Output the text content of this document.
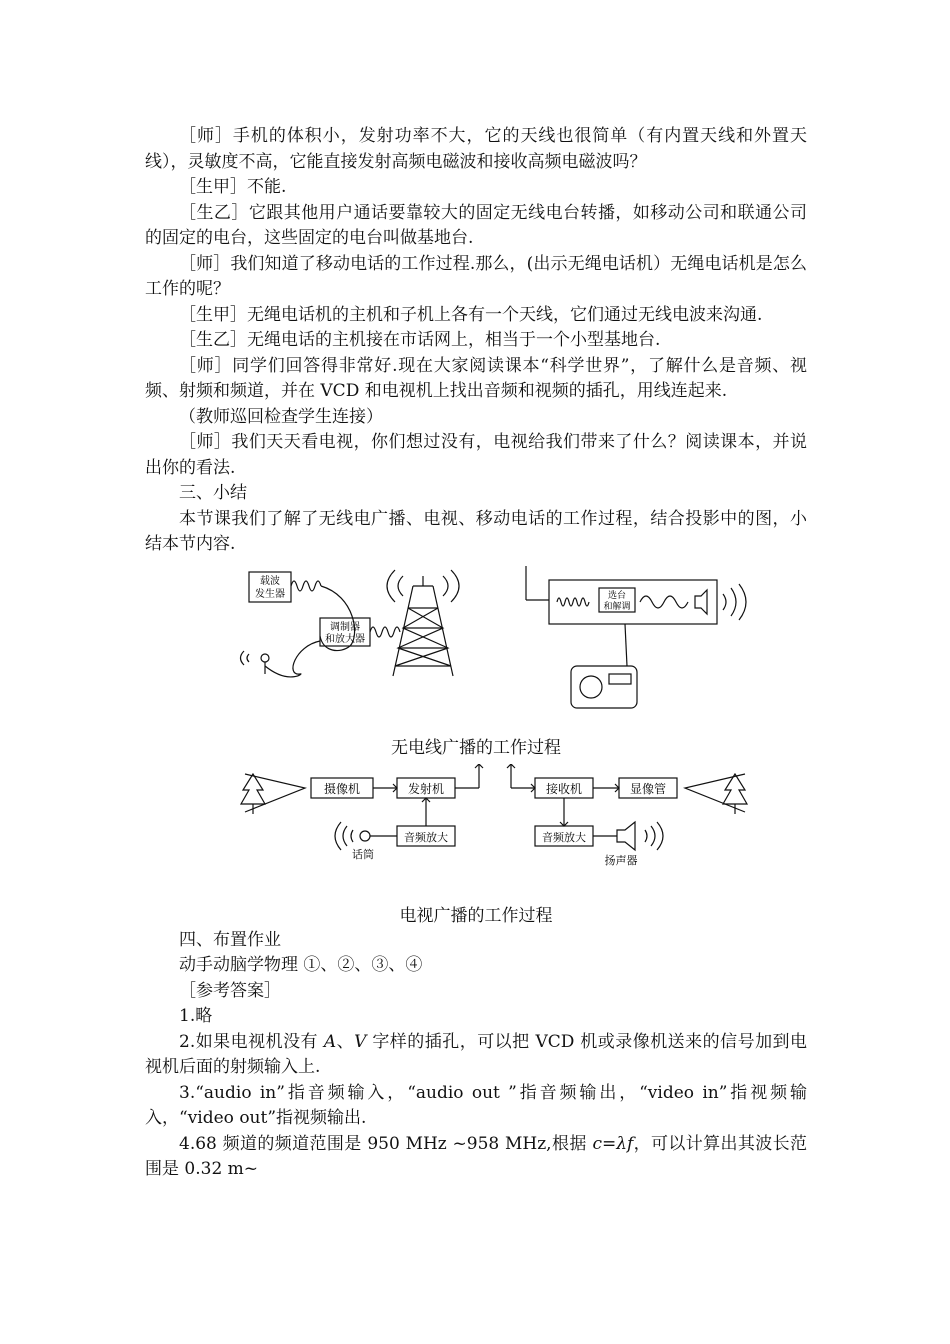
［师］手机的体积小，发射功率不大，它的天线也很简单（有内置天线和外置天线），灵敏度不高，它能直接发射高频电磁波和接收高频电磁波吗？

［生甲］不能.

［生乙］它跟其他用户通话要靠较大的固定无线电台转播，如移动公司和联通公司的固定的电台，这些固定的电台叫做基地台.

［师］我们知道了移动电话的工作过程.那么，(出示无绳电话机）无绳电话机是怎么工作的呢？

［生甲］无绳电话机的主机和子机上各有一个天线，它们通过无线电波来沟通.

［生乙］无绳电话的主机接在市话网上，相当于一个小型基地台.

［师］同学们回答得非常好.现在大家阅读课本“科学世界”，了解什么是音频、视频、射频和频道，并在 VCD 和电视机上找出音频和视频的插孔，用线连起来.

（教师巡回检查学生连接）

［师］我们天天看电视，你们想过没有，电视给我们带来了什么？阅读课本，并说出你的看法.

三、小结

本节课我们了解了无线电广播、电视、移动电话的工作过程，结合投影中的图，小结本节内容.

载波
发生器
调制器
和放大器
选台
和解调

无电线广播的工作过程

摄像机	发射机
音频放大
话筒
接收机	显像管
音频放大
扬声器

电视广播的工作过程

四、布置作业

动手动脑学物理 ①、②、③、④

［参考答案］

1.略

2.如果电视机没有 A、V 字样的插孔，可以把 VCD 机或录像机送来的信号加到电视机后面的射频输入上.

3.“audio in”指音频输入，“audio out ”指音频输出，“video in”指视频输入，“video out”指视频输出.

4.68 频道的频道范围是 950 MHz ~958 MHz,根据 c=λf，可以计算出其波长范围是 0.32 m~
